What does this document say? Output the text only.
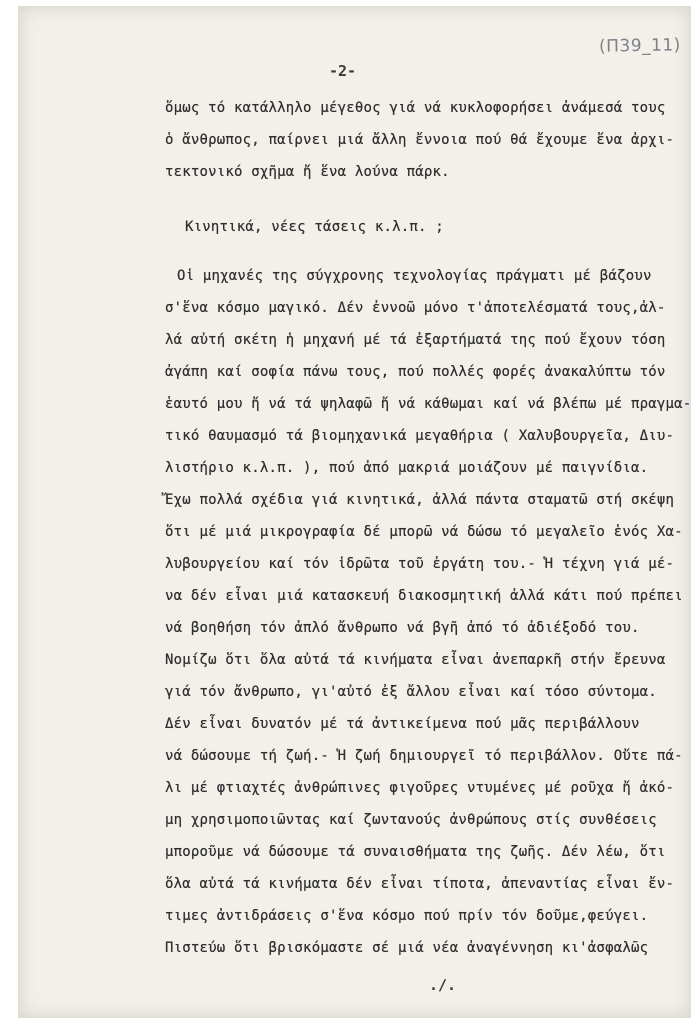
(Π39_11)
-2-

ὅμως τό κατάλληλο μέγεθος γιά νά κυκλοφορήσει ἀνάμεσά τους

ὁ ἄνθρωπος, παίρνει μιά ἄλλη ἔννοια πού θά ἔχουμε ἕνα ἀρχι-

τεκτονικό σχῆμα ἤ ἕνα λούνα πάρκ.

Κινητικά, νέες τάσεις κ.λ.π. ;

Οἱ μηχανές της σύγχρονης τεχνολογίας πράγματι μέ βάζουν

σ'ἕνα κόσμο μαγικό. Δέν ἐννοῶ μόνο τ'ἀποτελέσματά τους,ἀλ-

λά αὐτή σκέτη ἡ μηχανή μέ τά ἐξαρτήματά της πού ἔχουν τόση

ἀγάπη καί σοφία πάνω τους, πού πολλές φορές ἀνακαλύπτω τόν

ἑαυτό μου ἤ νά τά ψηλαφῶ ἤ νά κάθωμαι καί νά βλέπω μέ πραγμα-

τικό θαυμασμό τά βιομηχανικά μεγαθήρια ( Χαλυβουργεῖα, Διυ-

λιστήριο κ.λ.π. ), πού ἀπό μακριά μοιάζουν μέ παιγνίδια.

Ἔχω πολλά σχέδια γιά κινητικά, ἀλλά πάντα σταματῶ στή σκέψη

ὅτι μέ μιά μικρογραφία δέ μπορῶ νά δώσω τό μεγαλεῖο ἑνός Χα-

λυβουργείου καί τόν ἱδρῶτα τοῦ ἐργάτη του.- Ἡ τέχνη γιά μέ-

να δέν εἶναι μιά κατασκευή διακοσμητική ἀλλά κάτι πού πρέπει

νά βοηθήση τόν ἀπλό ἄνθρωπο νά βγῆ ἀπό τό ἀδιέξοδό του.

Νομίζω ὅτι ὅλα αὐτά τά κινήματα εἶναι ἀνεπαρκῆ στήν ἔρευνα

γιά τόν ἄνθρωπο, γι'αὐτό ἐξ ἄλλου εἶναι καί τόσο σύντομα.

Δέν εἶναι δυνατόν μέ τά ἀντικείμενα πού μᾶς περιβάλλουν

νά δώσουμε τή ζωή.- Ἡ ζωή δημιουργεῖ τό περιβάλλον. Οὔτε πά-

λι μέ φτιαχτές ἀνθρώπινες φιγοῦρες ντυμένες μέ ροῦχα ἤ ἀκό-

μη χρησιμοποιῶντας καί ζωντανούς ἀνθρώπους στίς συνθέσεις

μποροῦμε νά δώσουμε τά συναισθήματα της ζωῆς. Δέν λέω, ὅτι

ὅλα αὐτά τά κινήματα δέν εἶναι τίποτα, ἀπεναντίας εἶναι ἔν-

τιμες ἀντιδράσεις σ'ἕνα κόσμο πού πρίν τόν δοῦμε,φεύγει.

Πιστεύω ὅτι βρισκόμαστε σέ μιά νέα ἀναγέννηση κι'ἀσφαλῶς

.∕.
